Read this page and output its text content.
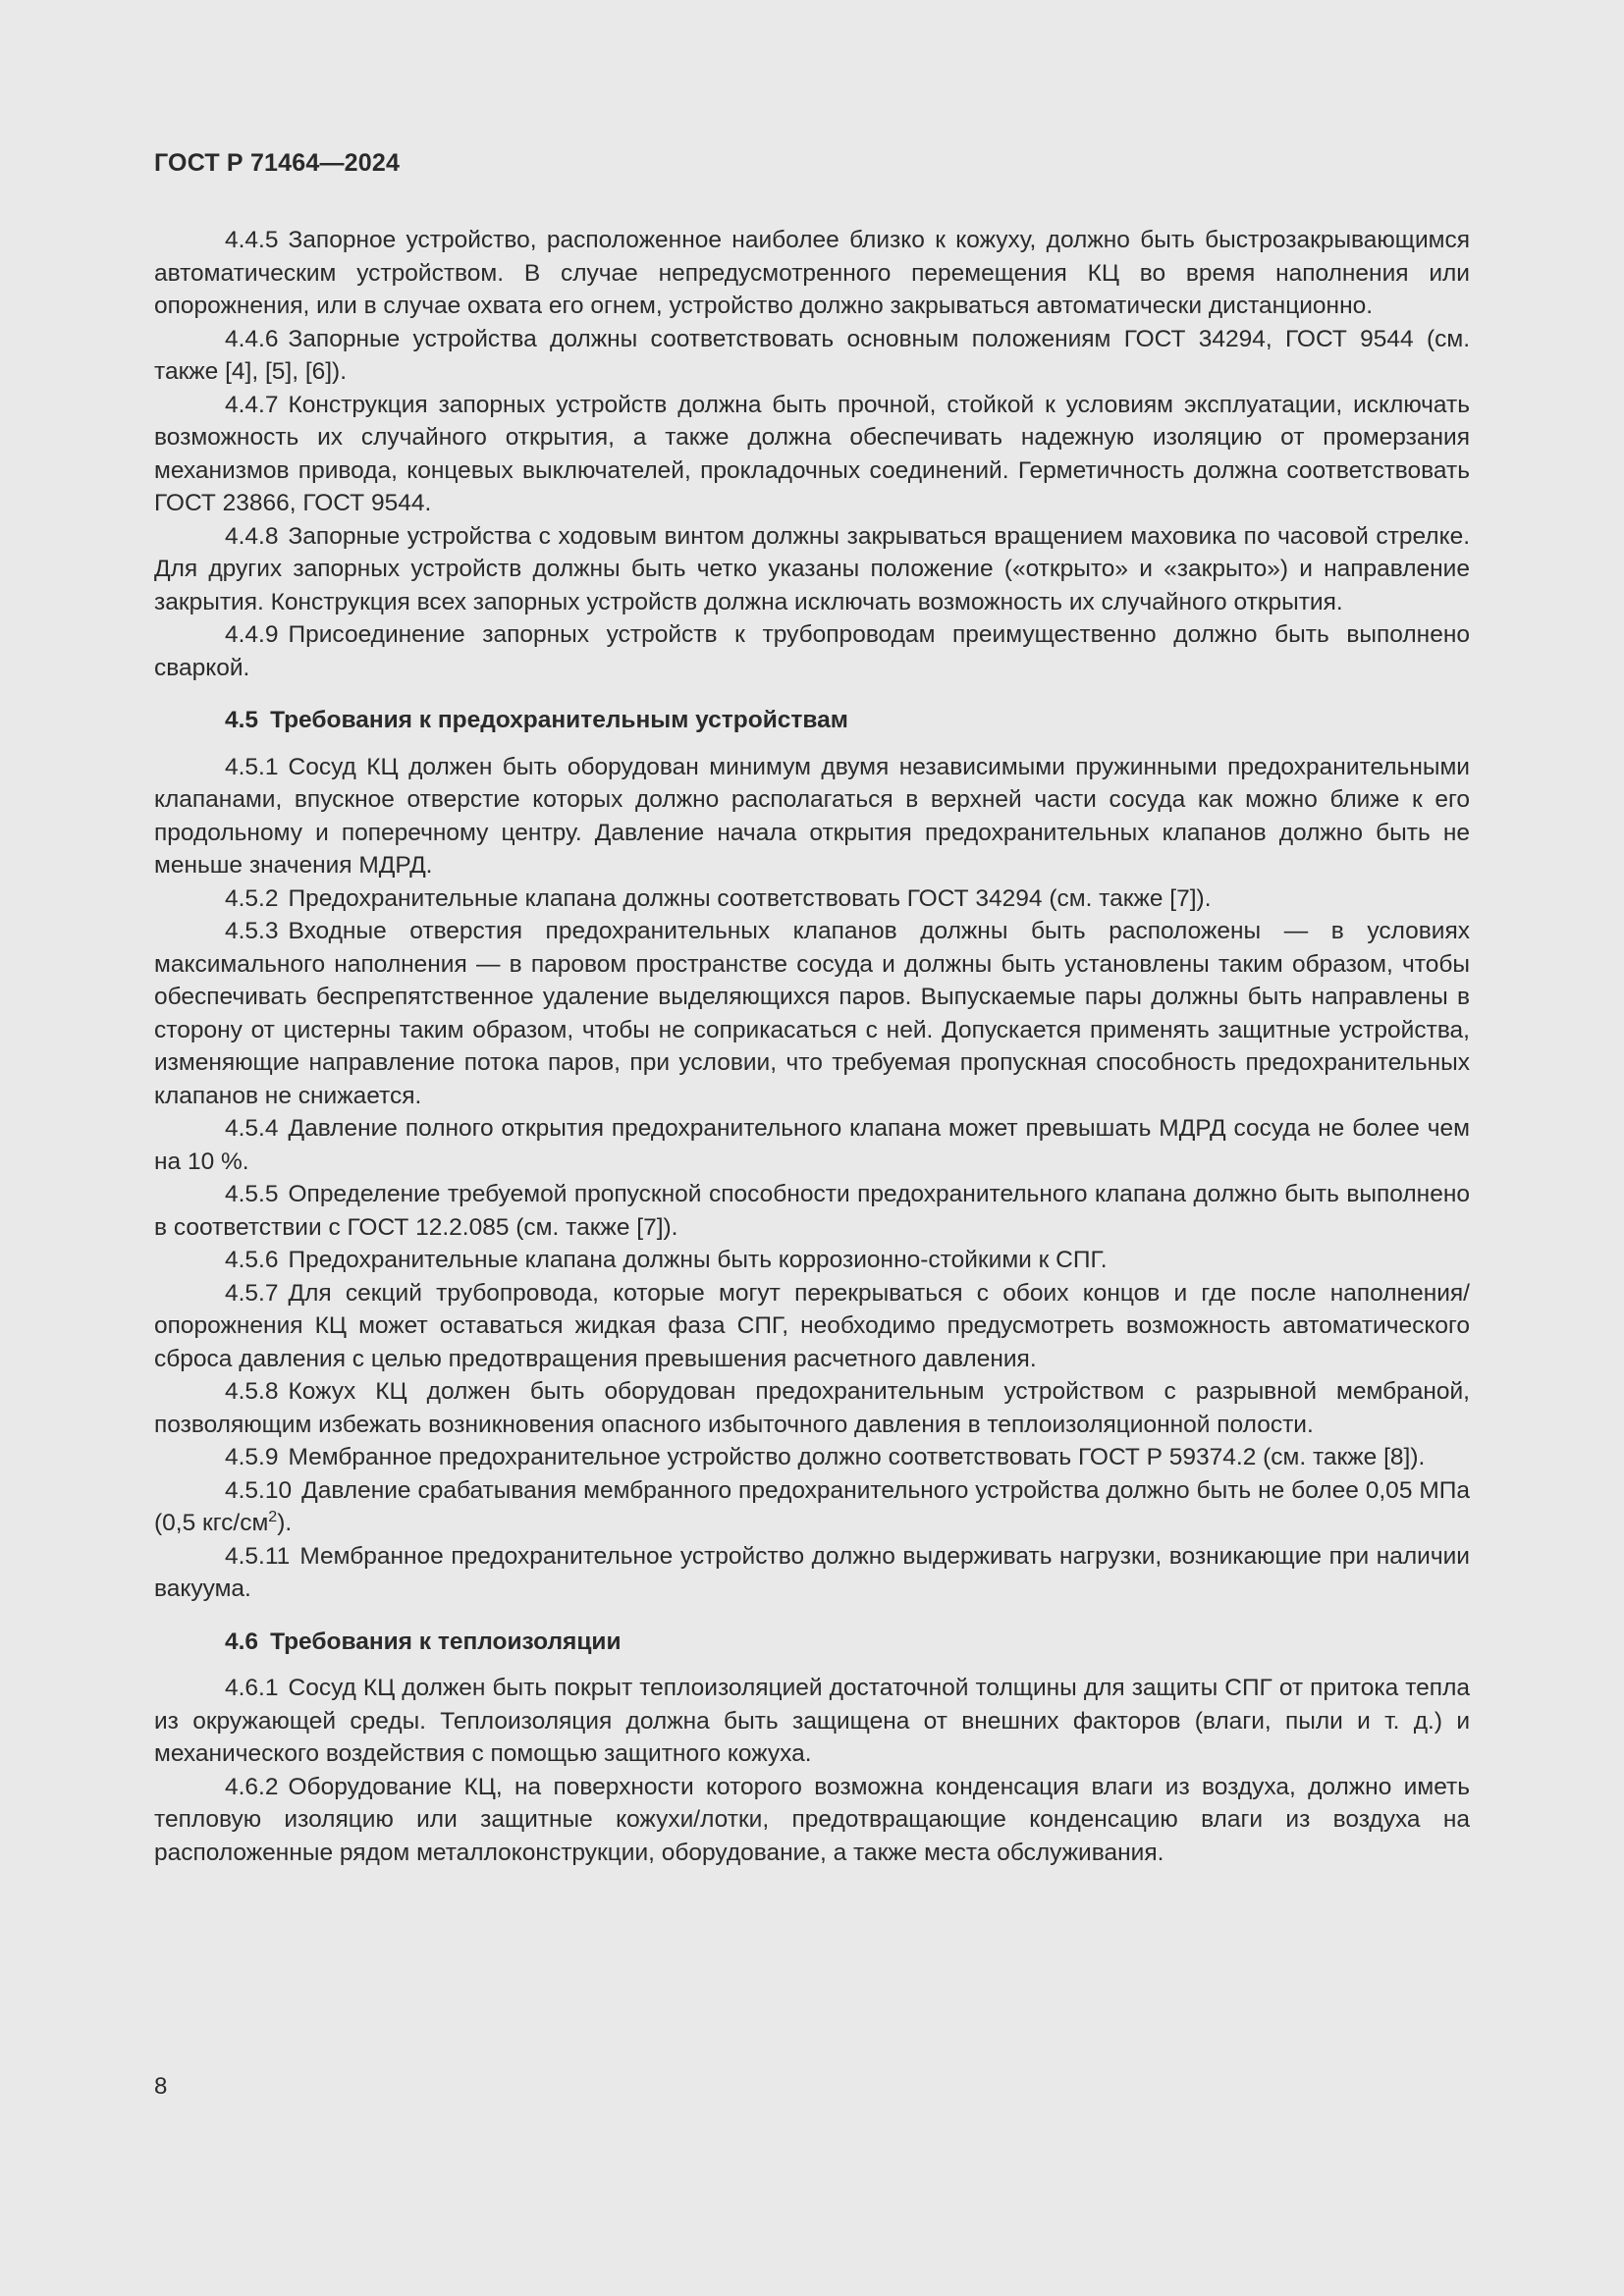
ГОСТ Р 71464—2024

4.4.5 Запорное устройство, расположенное наиболее близко к кожуху, должно быть быстрозакрывающимся автоматическим устройством. В случае непредусмотренного перемещения КЦ во время наполнения или опорожнения, или в случае охвата его огнем, устройство должно закрываться автоматически дистанционно.

4.4.6 Запорные устройства должны соответствовать основным положениям ГОСТ 34294, ГОСТ 9544 (см. также [4], [5], [6]).

4.4.7 Конструкция запорных устройств должна быть прочной, стойкой к условиям эксплуатации, исключать возможность их случайного открытия, а также должна обеспечивать надежную изоляцию от промерзания механизмов привода, концевых выключателей, прокладочных соединений. Герметичность должна соответствовать ГОСТ 23866, ГОСТ 9544.

4.4.8 Запорные устройства с ходовым винтом должны закрываться вращением маховика по часовой стрелке. Для других запорных устройств должны быть четко указаны положение («открыто» и «закрыто») и направление закрытия. Конструкция всех запорных устройств должна исключать возможность их случайного открытия.

4.4.9 Присоединение запорных устройств к трубопроводам преимущественно должно быть выполнено сваркой.

4.5 Требования к предохранительным устройствам

4.5.1 Сосуд КЦ должен быть оборудован минимум двумя независимыми пружинными предохранительными клапанами, впускное отверстие которых должно располагаться в верхней части сосуда как можно ближе к его продольному и поперечному центру. Давление начала открытия предохранительных клапанов должно быть не меньше значения МДРД.

4.5.2 Предохранительные клапана должны соответствовать ГОСТ 34294 (см. также [7]).

4.5.3 Входные отверстия предохранительных клапанов должны быть расположены — в условиях максимального наполнения — в паровом пространстве сосуда и должны быть установлены таким образом, чтобы обеспечивать беспрепятственное удаление выделяющихся паров. Выпускаемые пары должны быть направлены в сторону от цистерны таким образом, чтобы не соприкасаться с ней. Допускается применять защитные устройства, изменяющие направление потока паров, при условии, что требуемая пропускная способность предохранительных клапанов не снижается.

4.5.4 Давление полного открытия предохранительного клапана может превышать МДРД сосуда не более чем на 10 %.

4.5.5 Определение требуемой пропускной способности предохранительного клапана должно быть выполнено в соответствии с ГОСТ 12.2.085 (см. также [7]).

4.5.6 Предохранительные клапана должны быть коррозионно-стойкими к СПГ.

4.5.7 Для секций трубопровода, которые могут перекрываться с обоих концов и где после наполнения/опорожнения КЦ может оставаться жидкая фаза СПГ, необходимо предусмотреть возможность автоматического сброса давления с целью предотвращения превышения расчетного давления.

4.5.8 Кожух КЦ должен быть оборудован предохранительным устройством с разрывной мембраной, позволяющим избежать возникновения опасного избыточного давления в теплоизоляционной полости.

4.5.9 Мембранное предохранительное устройство должно соответствовать ГОСТ Р 59374.2 (см. также [8]).

4.5.10 Давление срабатывания мембранного предохранительного устройства должно быть не более 0,05 МПа (0,5 кгс/$см^2$).

4.5.11 Мембранное предохранительное устройство должно выдерживать нагрузки, возникающие при наличии вакуума.

4.6 Требования к теплоизоляции

4.6.1 Сосуд КЦ должен быть покрыт теплоизоляцией достаточной толщины для защиты СПГ от притока тепла из окружающей среды. Теплоизоляция должна быть защищена от внешних факторов (влаги, пыли и т. д.) и механического воздействия с помощью защитного кожуха.

4.6.2 Оборудование КЦ, на поверхности которого возможна конденсация влаги из воздуха, должно иметь тепловую изоляцию или защитные кожухи/лотки, предотвращающие конденсацию влаги из воздуха на расположенные рядом металлоконструкции, оборудование, а также места обслуживания.

8
